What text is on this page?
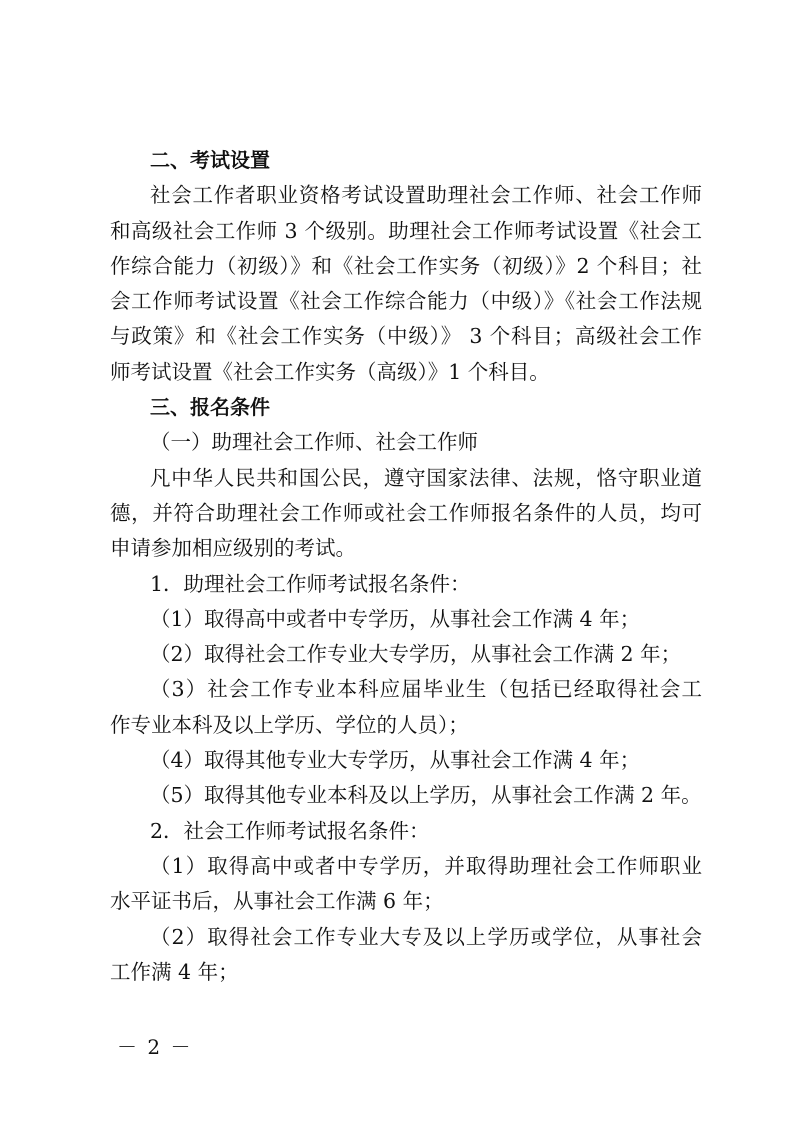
二、考试设置
社会工作者职业资格考试设置助理社会工作师、社会工作师
和高级社会工作师 3 个级别。助理社会工作师考试设置《社会工
作综合能力（初级）》和《社会工作实务（初级）》2 个科目；社
会工作师考试设置《社会工作综合能力（中级）》《社会工作法规
与政策》和《社会工作实务（中级）》 3 个科目；高级社会工作
师考试设置《社会工作实务（高级）》1 个科目。
三、报名条件
（一）助理社会工作师、社会工作师
凡中华人民共和国公民，遵守国家法律、法规，恪守职业道
德，并符合助理社会工作师或社会工作师报名条件的人员，均可
申请参加相应级别的考试。
1．助理社会工作师考试报名条件：
（1）取得高中或者中专学历，从事社会工作满 4 年；
（2）取得社会工作专业大专学历，从事社会工作满 2 年；
（3）社会工作专业本科应届毕业生（包括已经取得社会工
作专业本科及以上学历、学位的人员）；
（4）取得其他专业大专学历，从事社会工作满 4 年；
（5）取得其他专业本科及以上学历，从事社会工作满 2 年。
2．社会工作师考试报名条件：
（1）取得高中或者中专学历，并取得助理社会工作师职业
水平证书后，从事社会工作满 6 年；
（2）取得社会工作专业大专及以上学历或学位，从事社会
工作满 4 年；
－ 2 －
